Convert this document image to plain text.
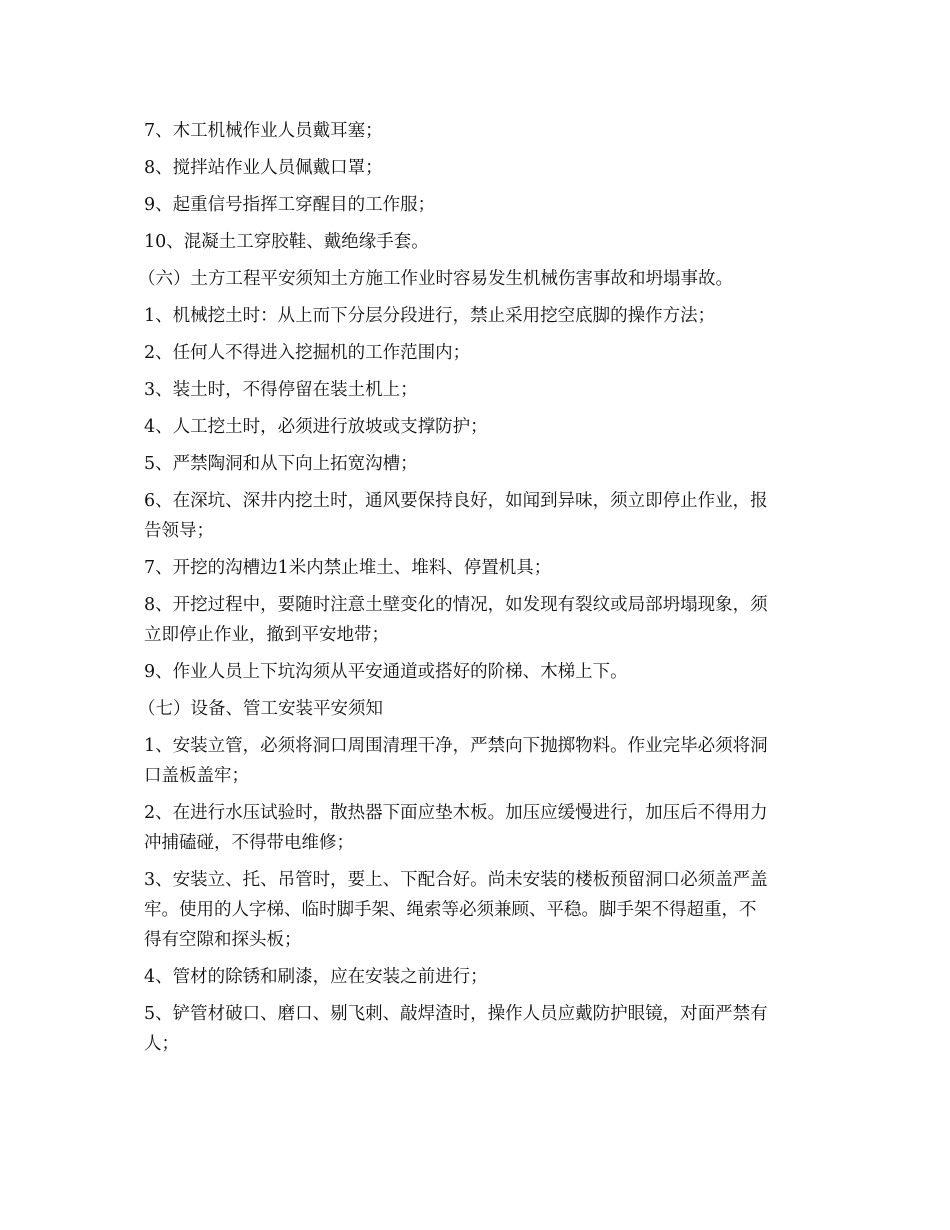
7、木工机械作业人员戴耳塞；

8、搅拌站作业人员佩戴口罩；

9、起重信号指挥工穿醒目的工作服；

10、混凝土工穿胶鞋、戴绝缘手套。

（六）土方工程平安须知土方施工作业时容易发生机械伤害事故和坍塌事故。

1、机械挖土时：从上而下分层分段进行，禁止采用挖空底脚的操作方法；

2、任何人不得进入挖掘机的工作范围内；

3、装土时，不得停留在装土机上；

4、人工挖土时，必须进行放坡或支撑防护；

5、严禁陶洞和从下向上拓宽沟槽；

6、在深坑、深井内挖土时，通风要保持良好，如闻到异味，须立即停止作业，报

告领导；

7、开挖的沟槽边1米内禁止堆土、堆料、停置机具；

8、开挖过程中，要随时注意土壁变化的情况，如发现有裂纹或局部坍塌现象，须

立即停止作业，撤到平安地带；

9、作业人员上下坑沟须从平安通道或搭好的阶梯、木梯上下。

（七）设备、管工安装平安须知

1、安装立管，必须将洞口周围清理干净，严禁向下抛掷物料。作业完毕必须将洞

口盖板盖牢；

2、在进行水压试验时，散热器下面应垫木板。加压应缓慢进行，加压后不得用力

冲捕磕碰，不得带电维修；

3、安装立、托、吊管时，要上、下配合好。尚未安装的楼板预留洞口必须盖严盖

牢。使用的人字梯、临时脚手架、绳索等必须兼顾、平稳。脚手架不得超重，不

得有空隙和探头板；

4、管材的除锈和刷漆，应在安装之前进行；

5、铲管材破口、磨口、剔飞刺、敲焊渣时，操作人员应戴防护眼镜，对面严禁有

人；
